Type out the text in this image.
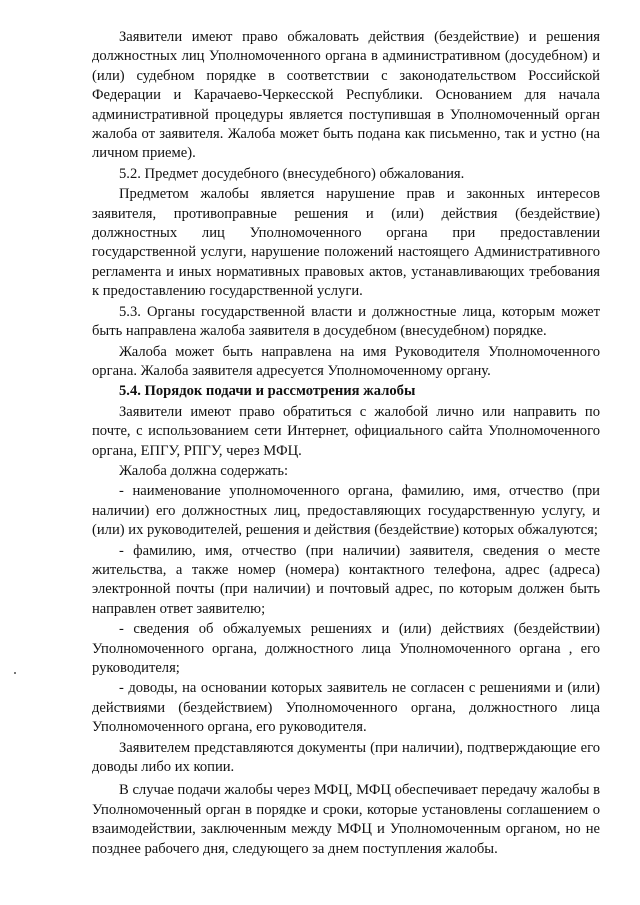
Заявители имеют право обжаловать действия (бездействие) и решения должностных лиц Уполномоченного органа в административном (досудебном) и (или) судебном порядке в соответствии с законодательством Российской Федерации и Карачаево-Черкесской Республики. Основанием для начала административной процедуры является поступившая в Уполномоченный орган жалоба от заявителя. Жалоба может быть подана как письменно, так и устно (на личном приеме).

5.2. Предмет досудебного (внесудебного) обжалования.

Предметом жалобы является нарушение прав и законных интересов заявителя, противоправные решения и (или) действия (бездействие) должностных лиц Уполномоченного органа при предоставлении государственной услуги, нарушение положений настоящего Административного регламента и иных нормативных правовых актов, устанавливающих требования к предоставлению государственной услуги.

5.3. Органы государственной власти и должностные лица, которым может быть направлена жалоба заявителя в досудебном (внесудебном) порядке.

Жалоба может быть направлена на имя Руководителя Уполномоченного органа. Жалоба заявителя адресуется Уполномоченному органу.

5.4. Порядок подачи и рассмотрения жалобы

Заявители имеют право обратиться с жалобой лично или направить по почте, с использованием сети Интернет, официального сайта Уполномоченного органа, ЕПГУ, РПГУ, через МФЦ.

Жалоба должна содержать:

- наименование уполномоченного органа, фамилию, имя, отчество (при наличии) его должностных лиц, предоставляющих государственную услугу, и (или) их руководителей, решения и действия (бездействие) которых обжалуются;

- фамилию, имя, отчество (при наличии) заявителя, сведения о месте жительства, а также номер (номера) контактного телефона, адрес (адреса) электронной почты (при наличии) и почтовый адрес, по которым должен быть направлен ответ заявителю;

- сведения об обжалуемых решениях и (или) действиях (бездействии) Уполномоченного органа, должностного лица Уполномоченного органа , его руководителя;

- доводы, на основании которых заявитель не согласен с решениями и (или) действиями (бездействием) Уполномоченного органа, должностного лица Уполномоченного органа, его руководителя.

Заявителем представляются документы (при наличии), подтверждающие его доводы либо их копии.

В случае подачи жалобы через МФЦ, МФЦ обеспечивает передачу жалобы в Уполномоченный орган в порядке и сроки, которые установлены соглашением о взаимодействии, заключенным между МФЦ и Уполномоченным органом, но не позднее рабочего дня, следующего за днем поступления жалобы.
